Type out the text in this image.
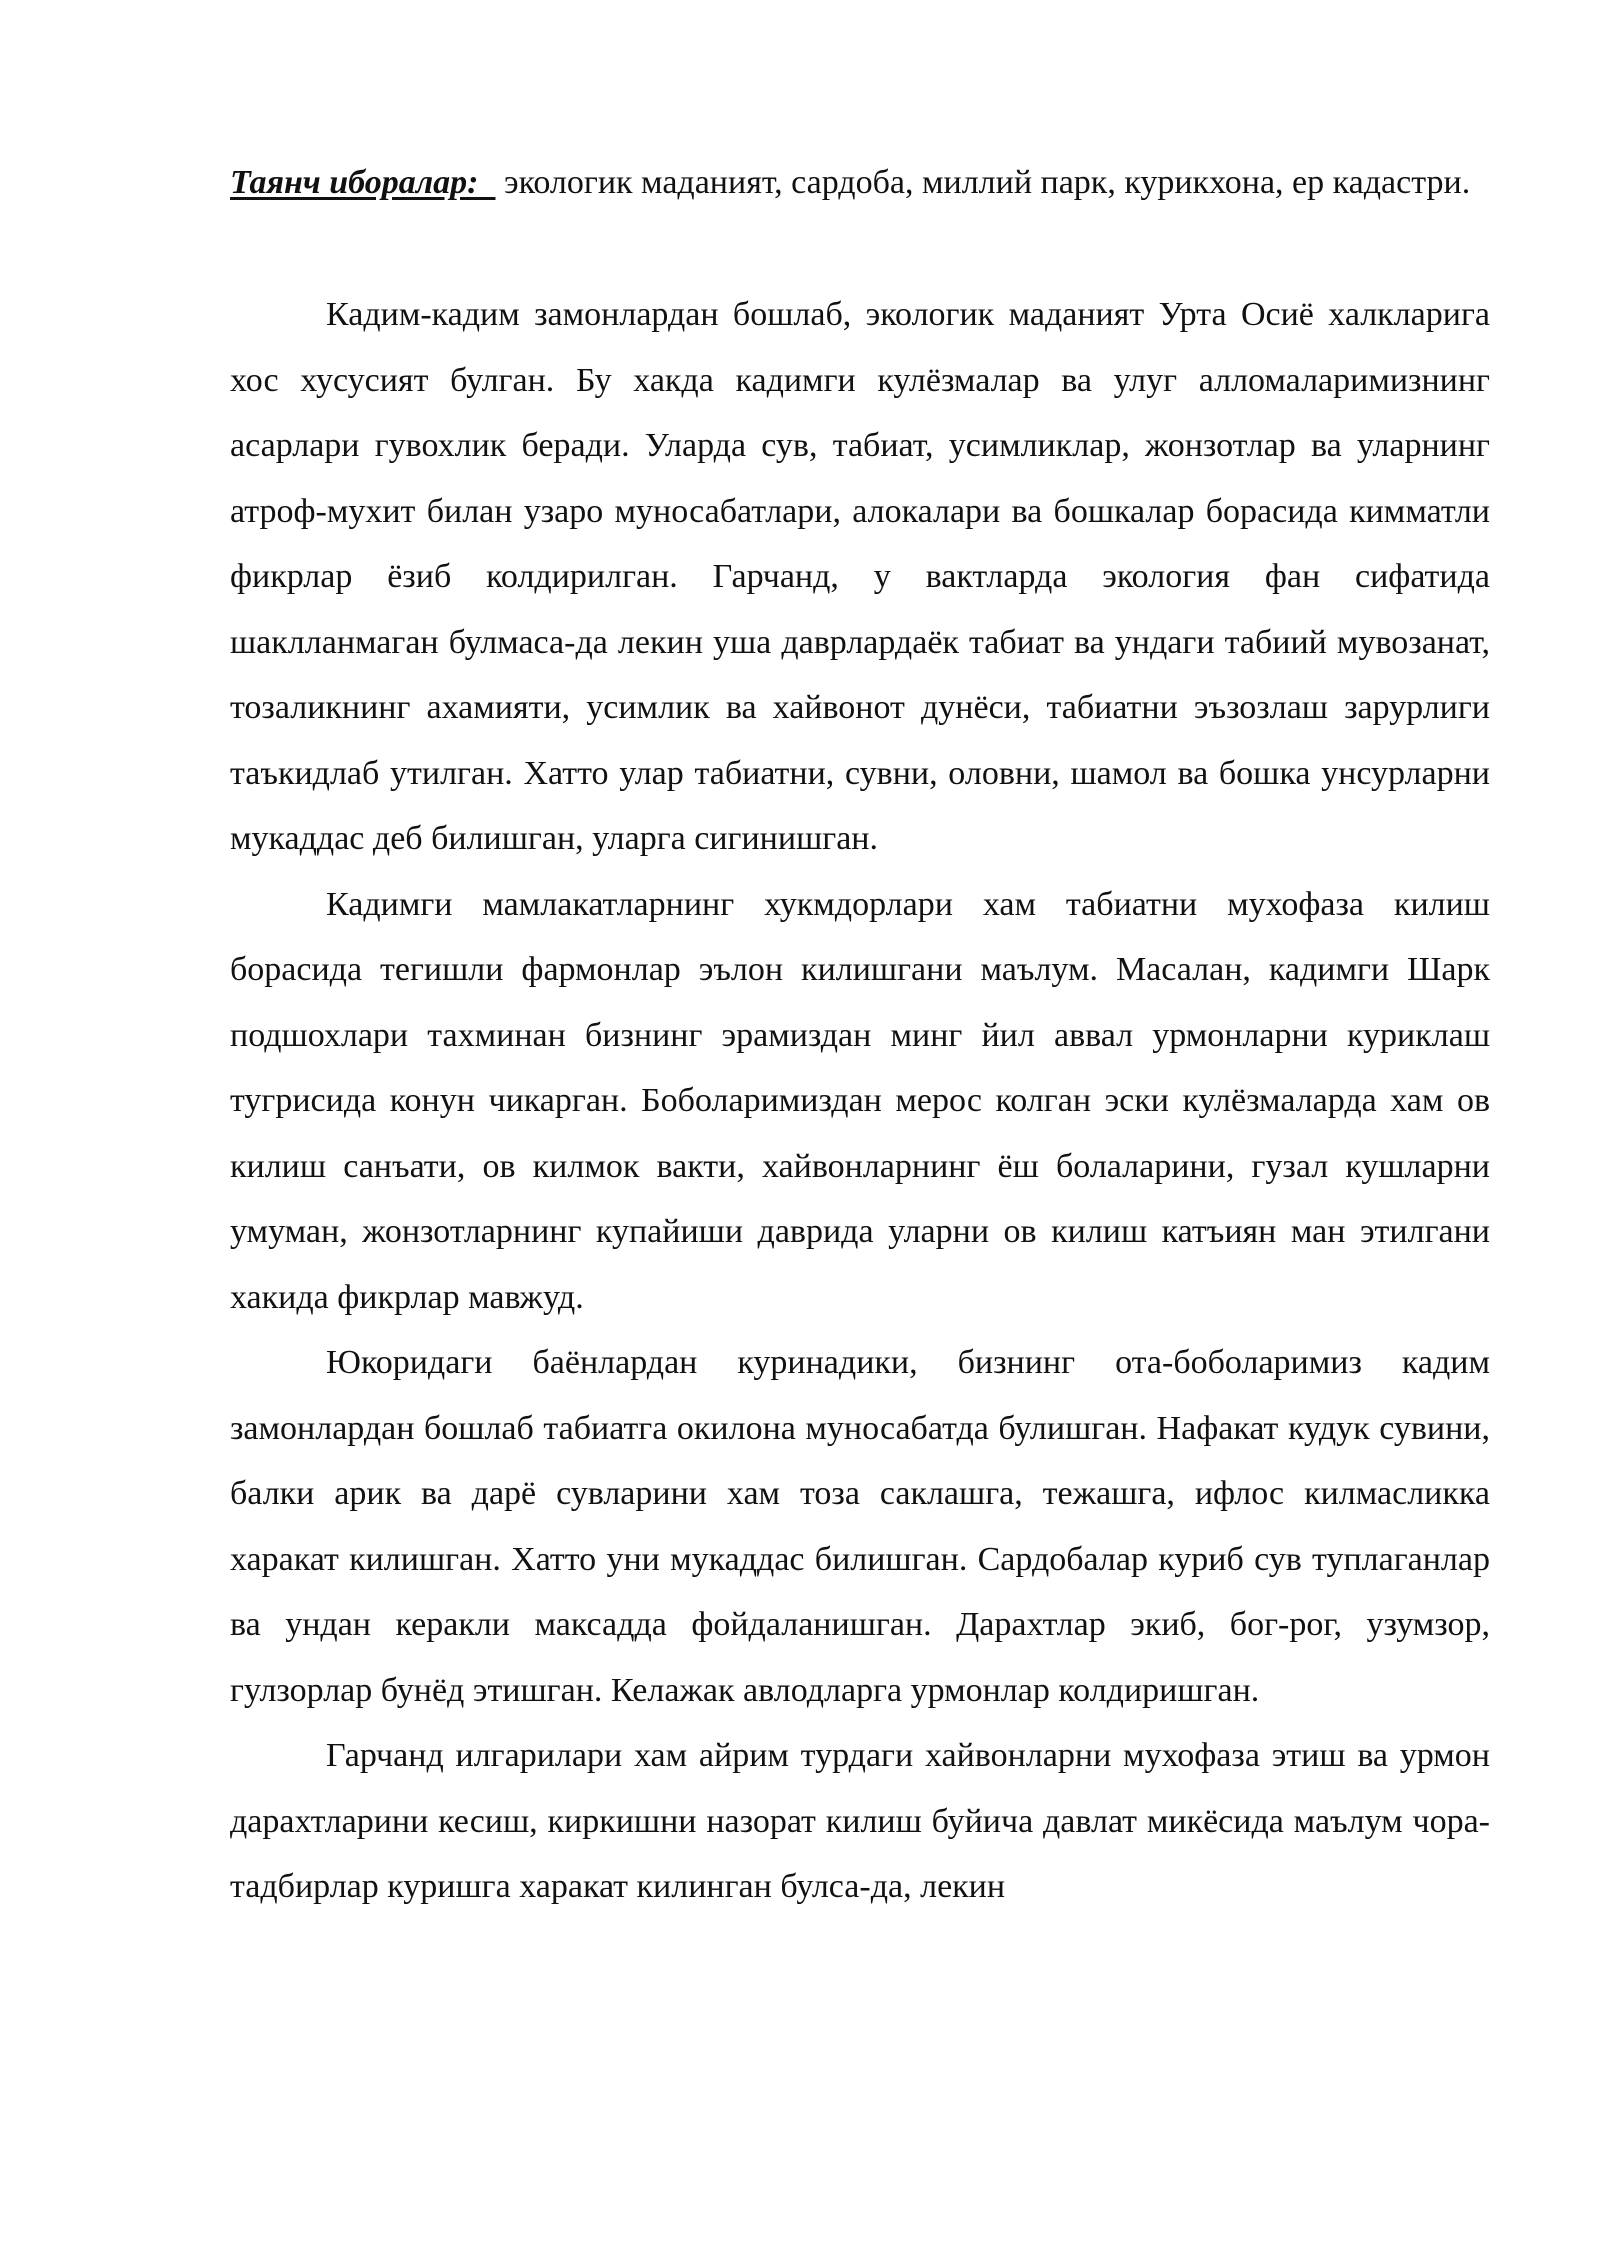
Таянч иборалар: экологик маданият, сардоба, миллий парк, курикхона, ер кадастри.

Кадим-кадим замонлардан бошлаб, экологик маданият Урта Осиё халкларига хос хусусият булган. Бу хакда кадимги кулёзмалар ва улуг алломаларимизнинг асарлари гувохлик беради. Уларда сув, табиат, усимликлар, жонзотлар ва уларнинг атроф-мухит билан узаро муносабатлари, алокалари ва бошкалар борасида кимматли фикрлар ёзиб колдирилган. Гарчанд, у вактларда экология фан сифатида шаклланмаган булмаса-да лекин уша даврлардаёк табиат ва ундаги табиий мувозанат, тозаликнинг ахамияти, усимлик ва хайвонот дунёси, табиатни эъзозлаш зарурлиги таъкидлаб утилган. Хатто улар табиатни, сувни, оловни, шамол ва бошка унсурларни мукаддас деб билишган, уларга сигинишган.

Кадимги мамлакатларнинг хукмдорлари хам табиатни мухофаза килиш борасида тегишли фармонлар эълон килишгани маълум. Масалан, кадимги Шарк подшохлари тахминан бизнинг эрамиздан минг йил аввал урмонларни куриклаш тугрисида конун чикарган. Боболаримиздан мерос колган эски кулёзмаларда хам ов килиш санъати, ов килмок вакти, хайвонларнинг ёш болаларини, гузал кушларни умуман, жонзотларнинг купайиши даврида уларни ов килиш катъиян ман этилгани хакида фикрлар мавжуд.

Юкоридаги баёнлардан куринадики, бизнинг ота-боболаримиз кадим замонлардан бошлаб табиатга окилона муносабатда булишган. Нафакат кудук сувини, балки арик ва дарё сувларини хам тоза саклашга, тежашга, ифлос килмасликка харакат килишган. Хатто уни мукаддас билишган. Сардобалар куриб сув туплаганлар ва ундан керакли максадда фойдаланишган. Дарахтлар экиб, бог-рог, узумзор, гулзорлар бунёд этишган. Келажак авлодларга урмонлар колдиришган.

Гарчанд илгарилари хам айрим турдаги хайвонларни мухофаза этиш ва урмон дарахтларини кесиш, киркишни назорат килиш буйича давлат микёсида маълум чора-тадбирлар куришга харакат килинган булса-да, лекин
